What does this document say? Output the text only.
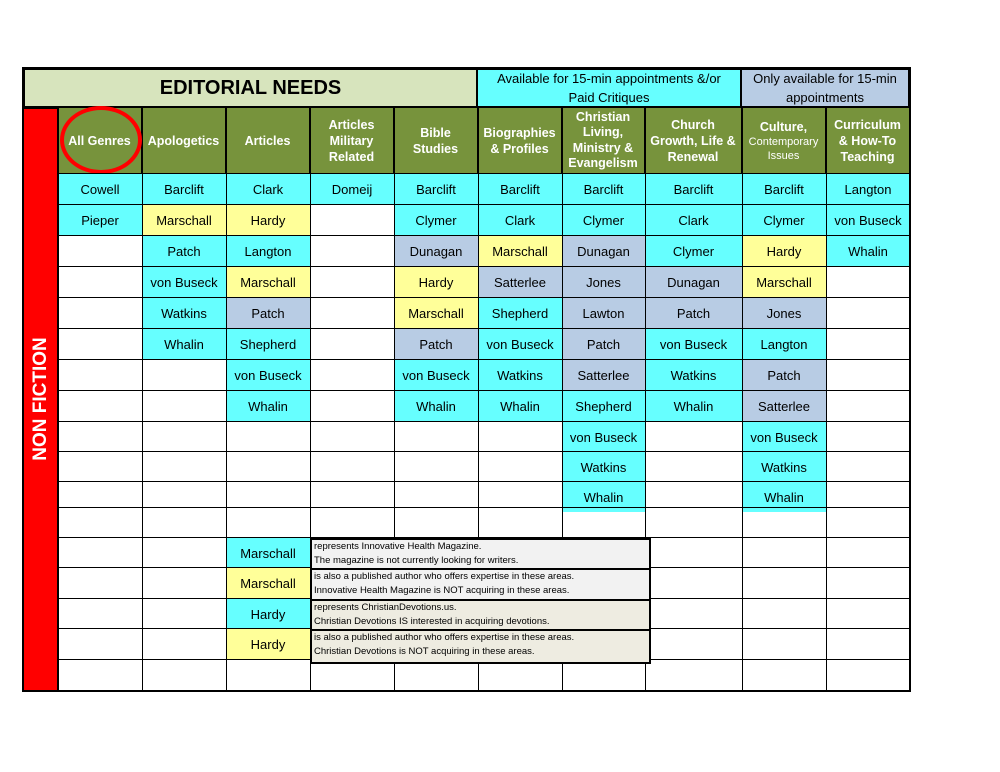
EDITORIAL NEEDS	Available for 15-min appointments &/or Paid Critiques
Only available for 15-min appointments
NON FICTION
All Genres Apologetics Articles
Articles Military Related
Bible Studies
Biographies & Profiles
Christian Living, Ministry & Evangelism
Church Growth, Life & Renewal
Culture,
Contemporary Issues
Curriculum & How-To Teaching
Cowell
Pieper
Barclift
Marschall
Patch
von Buseck
Watkins
Whalin
Clark
Hardy
Langton
Marschall
Patch
Shepherd
von Buseck
Whalin
Domeij	Barclift
Clymer
Dunagan
Hardy
Marschall
Patch
von Buseck
Whalin
Barclift
Clark
Marschall
Satterlee
Shepherd
von Buseck
Watkins
Whalin
Barclift
Clymer
Dunagan
Jones
Lawton
Patch
Satterlee
Shepherd
von Buseck
Watkins
Whalin
Barclift
Clark
Clymer
Dunagan
Patch
von Buseck
Watkins
Whalin
Barclift
Clymer
Hardy
Marschall
Jones
Langton
Patch
Satterlee
von Buseck
Watkins
Whalin
Langton
von Buseck
Whalin
Marschall
Marschall
Hardy
Hardy
represents Innovative Health Magazine.
The magazine is not currently looking for writers.
is also a published author who offers expertise in these areas.
Innovative Health Magazine is NOT acquiring in these areas.
represents ChristianDevotions.us.
Christian Devotions IS interested in acquiring devotions.
is also a published author who offers expertise in these areas.
Christian Devotions is NOT acquiring in these areas.
